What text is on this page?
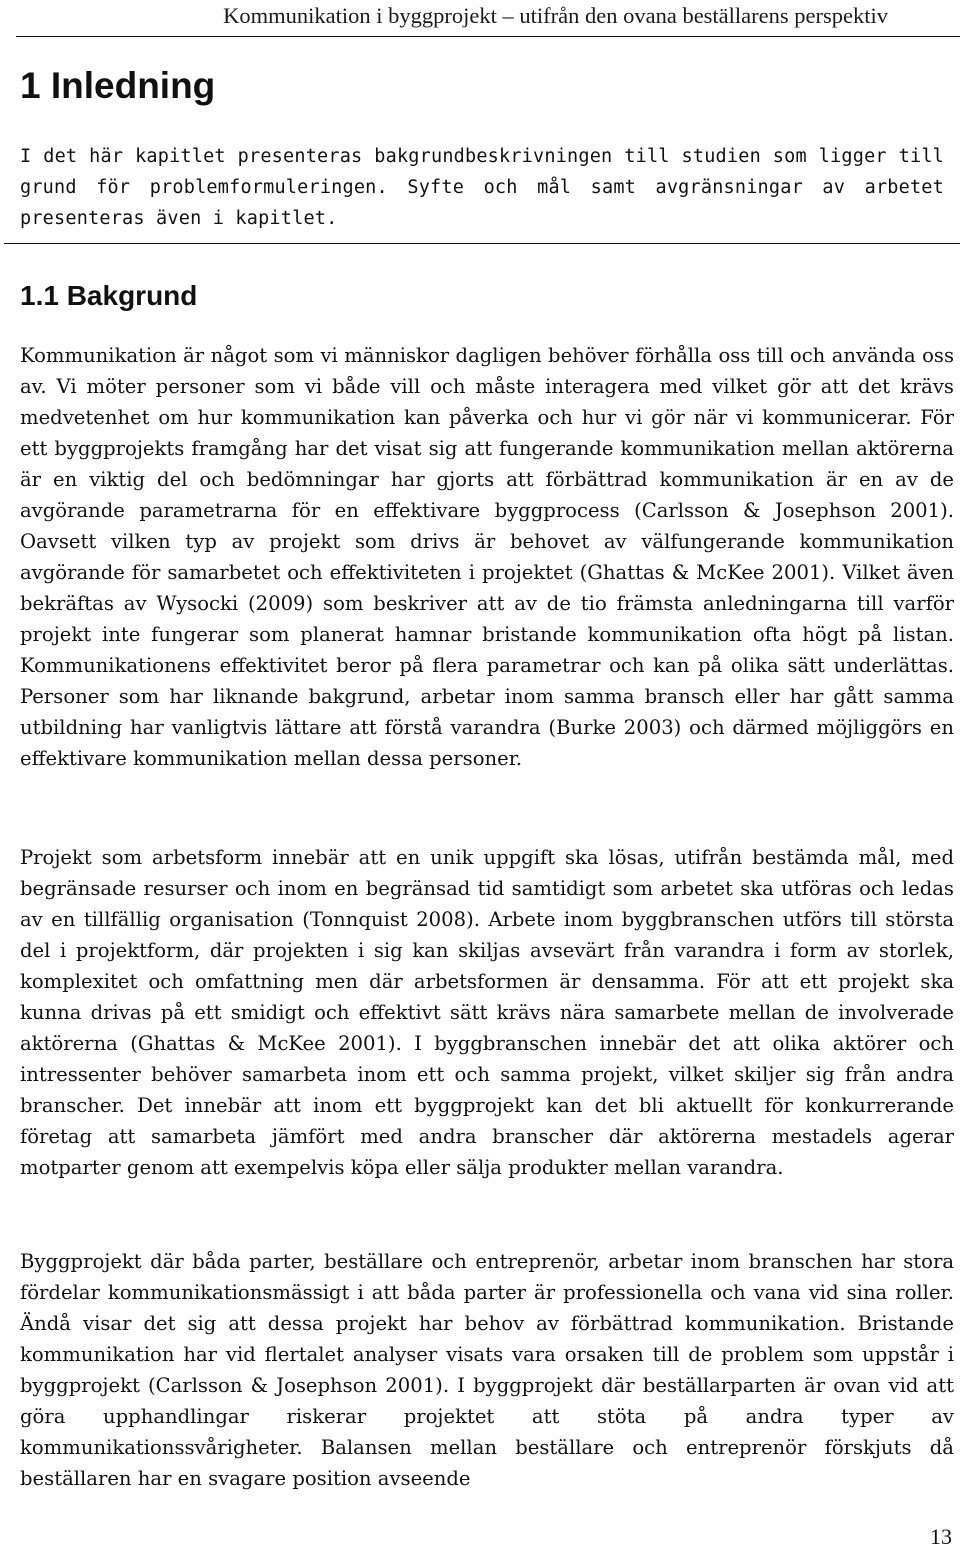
Kommunikation i byggprojekt – utifrån den ovana beställarens perspektiv
1 Inledning

I det här kapitlet presenteras bakgrundbeskrivningen till studien som ligger till grund för problemformuleringen. Syfte och mål samt avgränsningar av arbetet presenteras även i kapitlet.

1.1 Bakgrund

Kommunikation är något som vi människor dagligen behöver förhålla oss till och använda oss av. Vi möter personer som vi både vill och måste interagera med vilket gör att det krävs medvetenhet om hur kommunikation kan påverka och hur vi gör när vi kommunicerar. För ett byggprojekts framgång har det visat sig att fungerande kommunikation mellan aktörerna är en viktig del och bedömningar har gjorts att förbättrad kommunikation är en av de avgörande parametrarna för en effektivare byggprocess (Carlsson & Josephson 2001). Oavsett vilken typ av projekt som drivs är behovet av välfungerande kommunikation avgörande för samarbetet och effektiviteten i projektet (Ghattas & McKee 2001). Vilket även bekräftas av Wysocki (2009) som beskriver att av de tio främsta anledningarna till varför projekt inte fungerar som planerat hamnar bristande kommunikation ofta högt på listan. Kommunikationens effektivitet beror på flera parametrar och kan på olika sätt underlättas. Personer som har liknande bakgrund, arbetar inom samma bransch eller har gått samma utbildning har vanligtvis lättare att förstå varandra (Burke 2003) och därmed möjliggörs en effektivare kommunikation mellan dessa personer.

Projekt som arbetsform innebär att en unik uppgift ska lösas, utifrån bestämda mål, med begränsade resurser och inom en begränsad tid samtidigt som arbetet ska utföras och ledas av en tillfällig organisation (Tonnquist 2008). Arbete inom byggbranschen utförs till största del i projektform, där projekten i sig kan skiljas avsevärt från varandra i form av storlek, komplexitet och omfattning men där arbetsformen är densamma. För att ett projekt ska kunna drivas på ett smidigt och effektivt sätt krävs nära samarbete mellan de involverade aktörerna (Ghattas & McKee 2001). I byggbranschen innebär det att olika aktörer och intressenter behöver samarbeta inom ett och samma projekt, vilket skiljer sig från andra branscher. Det innebär att inom ett byggprojekt kan det bli aktuellt för konkurrerande företag att samarbeta jämfört med andra branscher där aktörerna mestadels agerar motparter genom att exempelvis köpa eller sälja produkter mellan varandra.

Byggprojekt där båda parter, beställare och entreprenör, arbetar inom branschen har stora fördelar kommunikationsmässigt i att båda parter är professionella och vana vid sina roller. Ändå visar det sig att dessa projekt har behov av förbättrad kommunikation. Bristande kommunikation har vid flertalet analyser visats vara orsaken till de problem som uppstår i byggprojekt (Carlsson & Josephson 2001). I byggprojekt där beställarparten är ovan vid att göra upphandlingar riskerar projektet att stöta på andra typer av kommunikationssvårigheter. Balansen mellan beställare och entreprenör förskjuts då beställaren har en svagare position avseende

13
